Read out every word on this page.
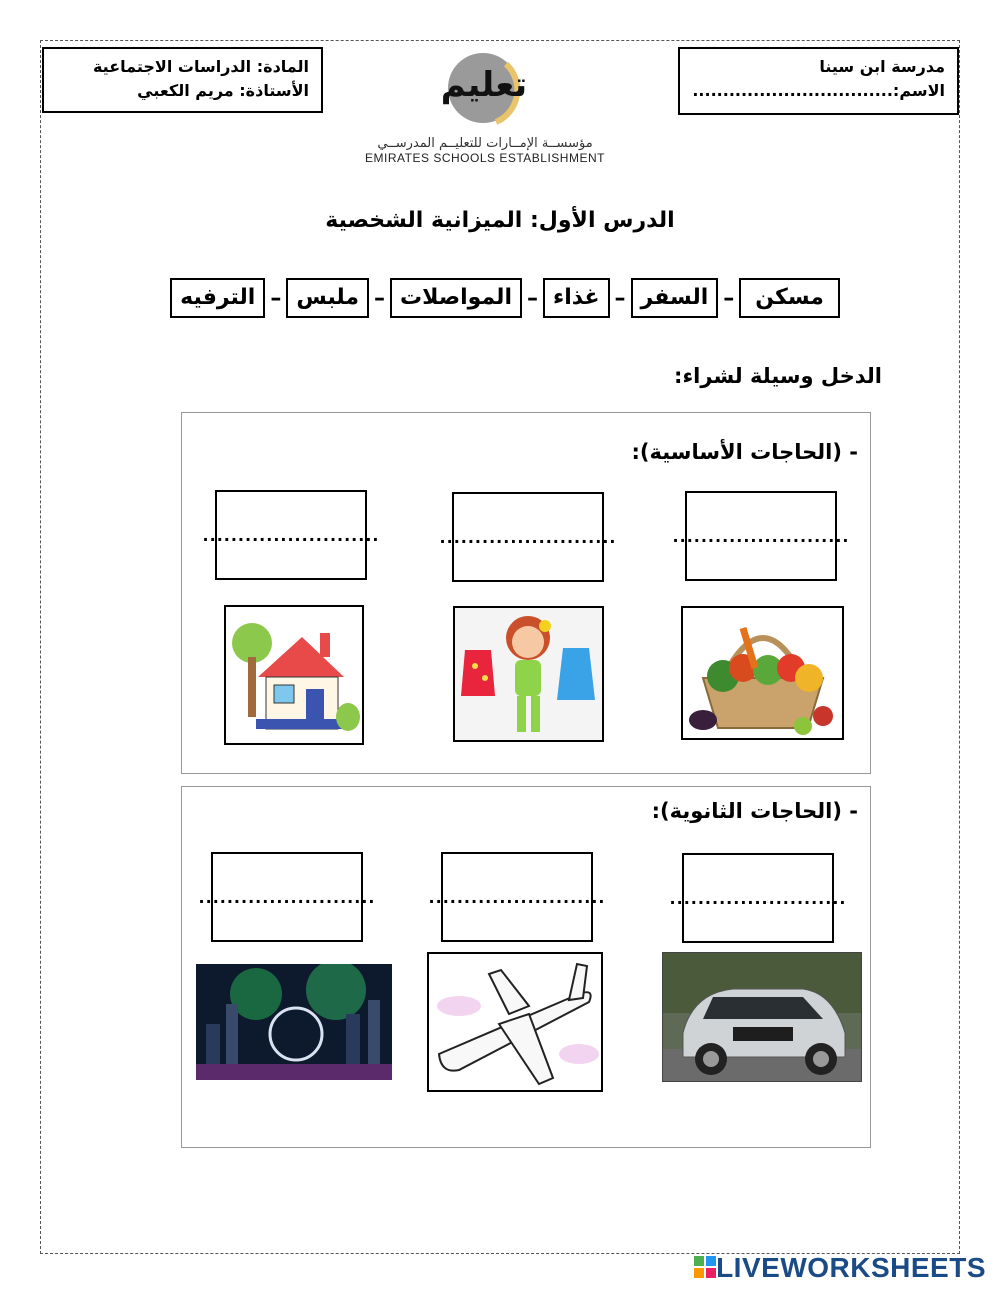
مدرسة ابن سينا
الاسم:.................................
المادة: الدراسات الاجتماعية
الأستاذة: مريم الكعبي	تعليم
مؤسســة الإمــارات للتعليــم المدرســي
EMIRATES SCHOOLS ESTABLISHMENT
الدرس الأول: الميزانية الشخصية
مسكن
–
السفر
–
غذاء
–
المواصلات
–
ملبس
–
الترفيه
الدخل وسيلة لشراء:
- (الحاجات الأساسية):
.........................
.........................
.........................
- (الحاجات الثانوية):
.........................
.........................
.........................
LIVEWORKSHEETS
